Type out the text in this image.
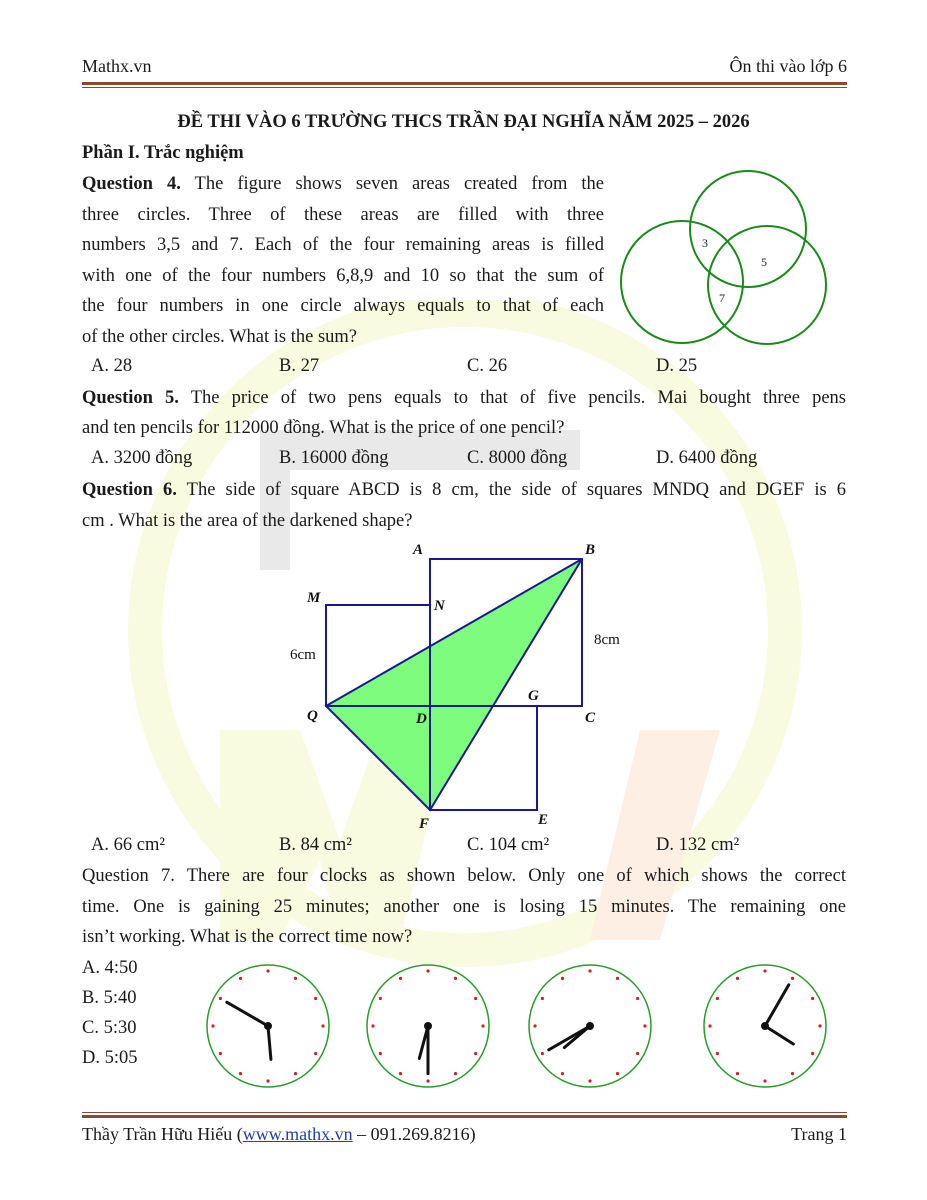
Mathx.vn	Ôn thi vào lớp 6
ĐỀ THI VÀO 6 TRƯỜNG THCS TRẦN ĐẠI NGHĨA NĂM 2025 – 2026
Phần I. Trắc nghiệm
Question 4. The figure shows seven areas created from the
three circles. Three of these areas are filled with three
numbers 3,5 and 7. Each of the four remaining areas is filled
with one of the four numbers 6,8,9 and 10 so that the sum of
the four numbers in one circle always equals to that of each
of the other circles. What is the sum?
3
5
7
A. 28	B. 27	C. 26	D. 25
Question 5. The price of two pens equals to that of five pencils. Mai bought three pens
and ten pencils for 112000 đồng. What is the price of one pencil?
A. 3200 đồng	B. 16000 đồng	C. 8000 đồng	D. 6400 đồng
Question 6. The side of square ABCD is 8 cm, the side of squares MNDQ and DGEF is 6
cm . What is the area of the darkened shape?
A	B
M	N
Q	D
G
C
F	E
6cm
8cm
A. 66 cm²	B. 84 cm²	C. 104 cm²	D. 132 cm²
Question 7. There are four clocks as shown below. Only one of which shows the correct
time. One is gaining 25 minutes; another one is losing 15 minutes. The remaining one
isn’t working. What is the correct time now?
A. 4:50
B. 5:40
C. 5:30
D. 5:05
Thầy Trần Hữu Hiếu (www.mathx.vn – 091.269.8216)	Trang 1
